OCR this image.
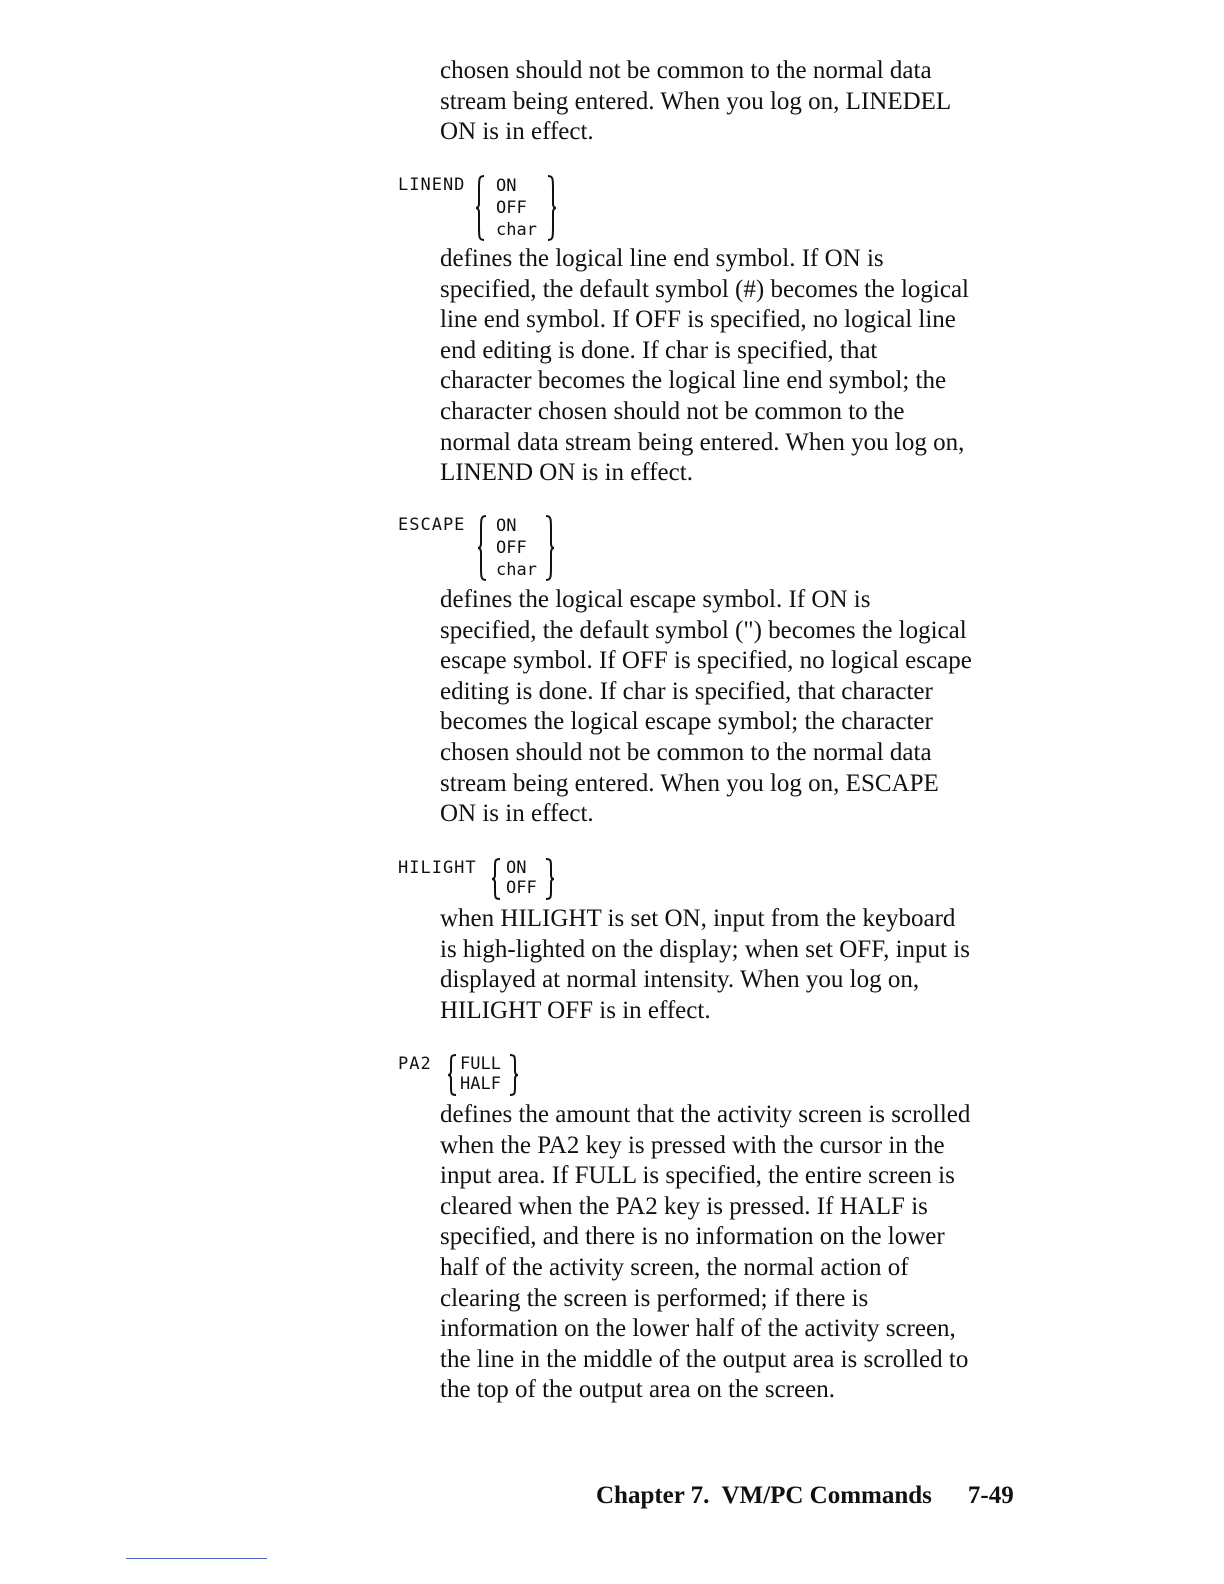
chosen should not be common to the normal data
stream being entered. When you log on, LINEDEL
ON is in effect.
LINEND ON
OFF
char
defines the logical line end symbol. If ON is
specified, the default symbol (#) becomes the logical
line end symbol. If OFF is specified, no logical line
end editing is done. If char is specified, that
character becomes the logical line end symbol; the
character chosen should not be common to the
normal data stream being entered. When you log on,
LINEND ON is in effect.
ESCAPE ON
OFF
char
defines the logical escape symbol. If ON is
specified, the default symbol (") becomes the logical
escape symbol. If OFF is specified, no logical escape
editing is done. If char is specified, that character
becomes the logical escape symbol; the character
chosen should not be common to the normal data
stream being entered. When you log on, ESCAPE
ON is in effect.
HILIGHT ON
OFF
when HILIGHT is set ON, input from the keyboard
is high-lighted on the display; when set OFF, input is
displayed at normal intensity. When you log on,
HILIGHT OFF is in effect.
PA2 FULL
HALF
defines the amount that the activity screen is scrolled
when the PA2 key is pressed with the cursor in the
input area. If FULL is specified, the entire screen is
cleared when the PA2 key is pressed. If HALF is
specified, and there is no information on the lower
half of the activity screen, the normal action of
clearing the screen is performed; if there is
information on the lower half of the activity screen,
the line in the middle of the output area is scrolled to
the top of the output area on the screen.
Chapter 7.  VM/PC Commands 7-49
